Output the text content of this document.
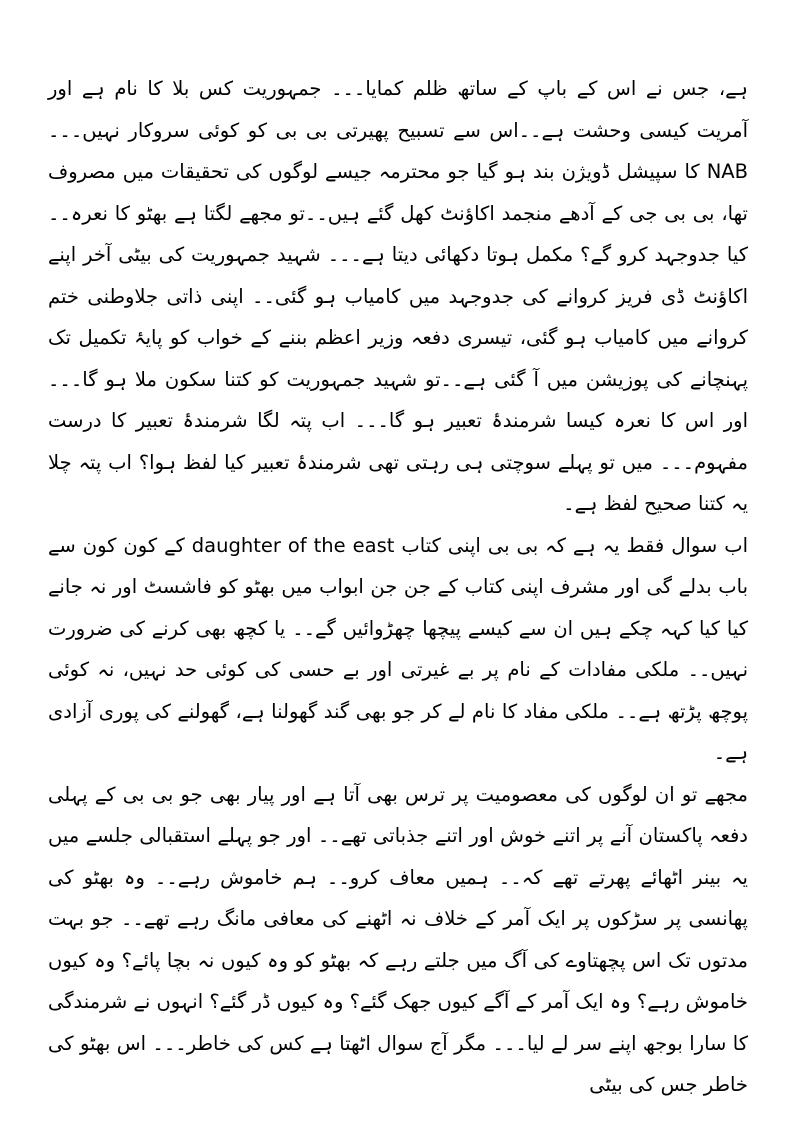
ہے، جس نے اس کے باپ کے ساتھ ظلم کمایا۔۔۔ جمہوریت کس بلا کا نام ہے اور آمریت کیسی وحشت ہے۔۔اس سے تسبیح پھیرتی بی بی کو کوئی سروکار نہیں۔۔۔ NAB کا سپیشل ڈویژن بند ہو گیا جو محترمہ جیسے لوگوں کی تحقیقات میں مصروف تھا، بی بی جی کے آدھے منجمد اکاؤنٹ کھل گئے ہیں۔۔تو مجھے لگتا ہے بھٹو کا نعرہ۔۔ کیا جدوجہد کرو گے؟ مکمل ہوتا دکھائی دیتا ہے۔۔۔ شہید جمہوریت کی بیٹی آخر اپنے اکاؤنٹ ڈی فریز کروانے کی جدوجہد میں کامیاب ہو گئی۔۔ اپنی ذاتی جلاوطنی ختم کروانے میں کامیاب ہو گئی، تیسری دفعہ وزیر اعظم بننے کے خواب کو پایۂ تکمیل تک پہنچانے کی پوزیشن میں آ گئی ہے۔۔تو شہید جمہوریت کو کتنا سکون ملا ہو گا۔۔۔ اور اس کا نعرہ کیسا شرمندۂ تعبیر ہو گا۔۔۔ اب پتہ لگا شرمندۂ تعبیر کا درست مفہوم۔۔۔ میں تو پہلے سوچتی ہی رہتی تھی شرمندۂ تعبیر کیا لفظ ہوا؟ اب پتہ چلا یہ کتنا صحیح لفظ ہے۔

اب سوال فقط یہ ہے کہ بی بی اپنی کتاب daughter of the east کے کون کون سے باب بدلے گی اور مشرف اپنی کتاب کے جن جن ابواب میں بھٹو کو فاشسٹ اور نہ جانے کیا کیا کہہ چکے ہیں ان سے کیسے پیچھا چھڑوائیں گے۔۔ یا کچھ بھی کرنے کی ضرورت نہیں۔۔ ملکی مفادات کے نام پر بے غیرتی اور بے حسی کی کوئی حد نہیں، نہ کوئی پوچھ پڑتھ ہے۔۔ ملکی مفاد کا نام لے کر جو بھی گند گھولنا ہے، گھولنے کی پوری آزادی ہے۔

مجھے تو ان لوگوں کی معصومیت پر ترس بھی آتا ہے اور پیار بھی جو بی بی کے پہلی دفعہ پاکستان آنے پر اتنے خوش اور اتنے جذباتی تھے۔۔ اور جو پہلے استقبالی جلسے میں یہ بینر اٹھائے پھرتے تھے کہ۔۔ ہمیں معاف کرو۔۔ ہم خاموش رہے۔۔ وہ بھٹو کی پھانسی پر سڑکوں پر ایک آمر کے خلاف نہ اٹھنے کی معافی مانگ رہے تھے۔۔ جو بہت مدتوں تک اس پچھتاوے کی آگ میں جلتے رہے کہ بھٹو کو وہ کیوں نہ بچا پائے؟ وہ کیوں خاموش رہے؟ وہ ایک آمر کے آگے کیوں جھک گئے؟ وہ کیوں ڈر گئے؟ انہوں نے شرمندگی کا سارا بوجھ اپنے سر لے لیا۔۔۔ مگر آج سوال اٹھتا ہے کس کی خاطر۔۔۔ اس بھٹو کی خاطر جس کی بیٹی
